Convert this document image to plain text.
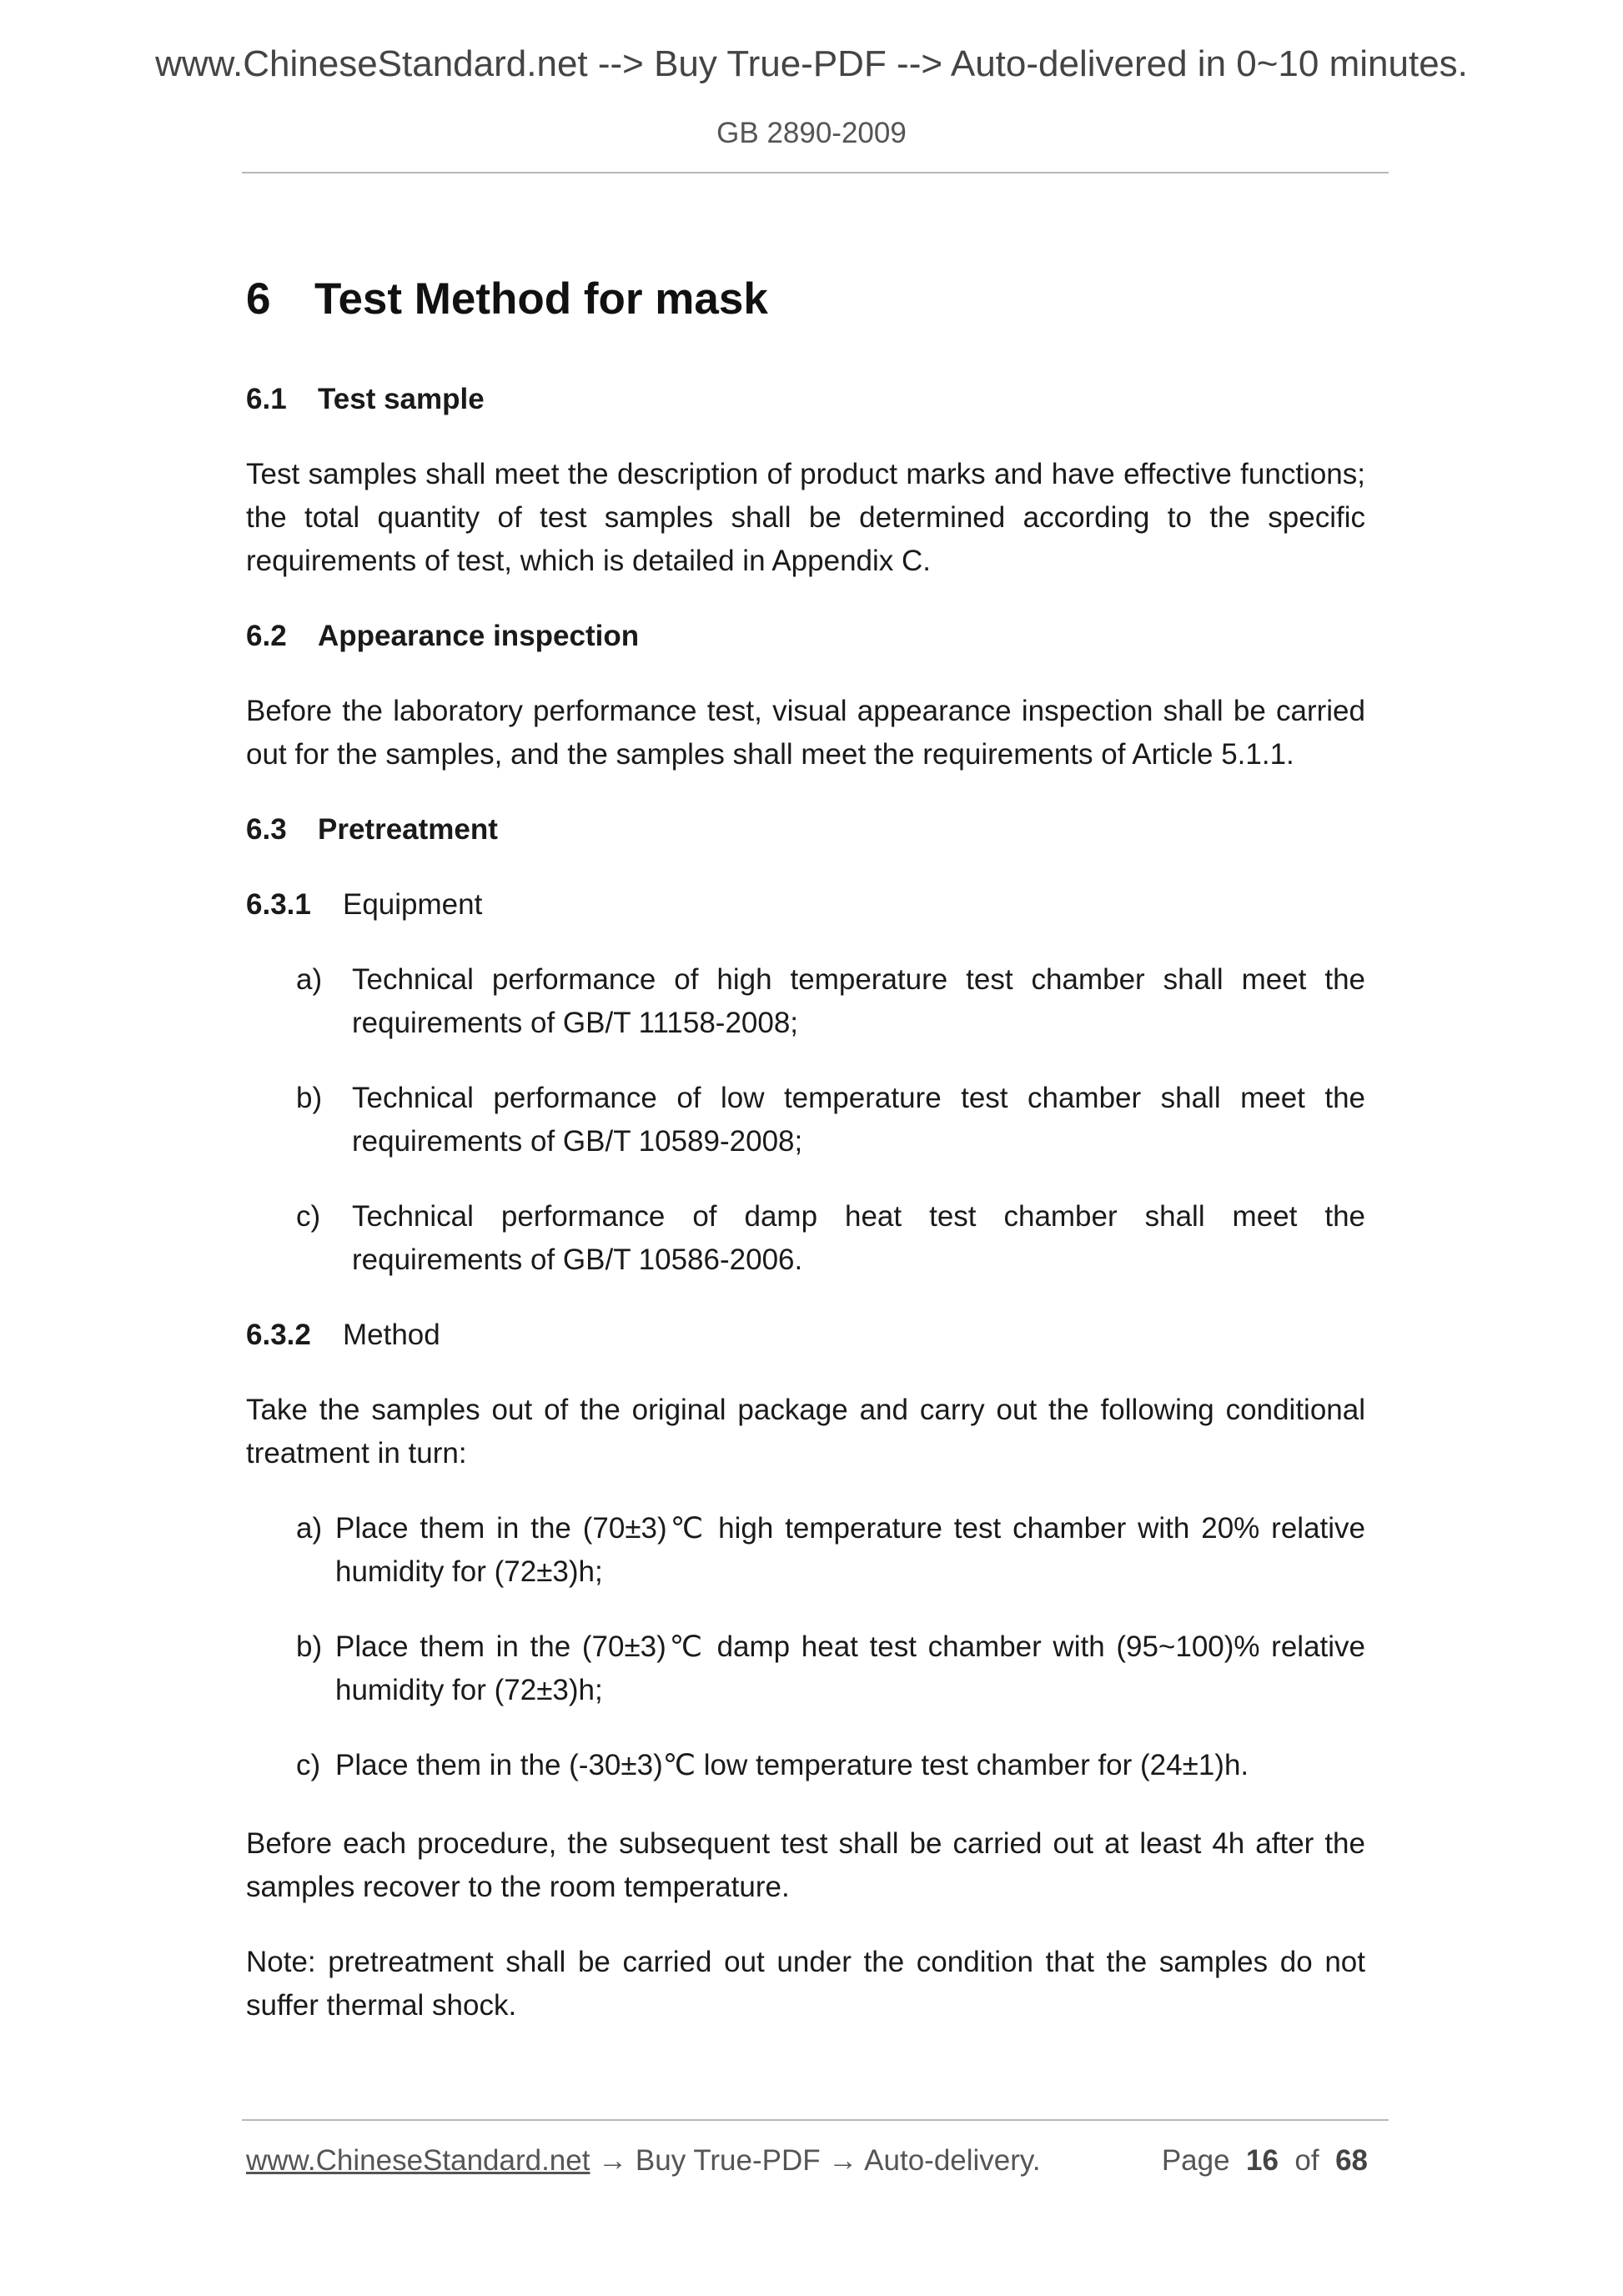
www.ChineseStandard.net --> Buy True-PDF --> Auto-delivered in 0~10 minutes.
GB 2890-2009
6 Test Method for mask
6.1 Test sample

Test samples shall meet the description of product marks and have effective functions; the total quantity of test samples shall be determined according to the specific requirements of test, which is detailed in Appendix C.

6.2 Appearance inspection

Before the laboratory performance test, visual appearance inspection shall be carried out for the samples, and the samples shall meet the requirements of Article 5.1.1.

6.3 Pretreatment
6.3.1 Equipment

a) Technical performance of high temperature test chamber shall meet the requirements of GB/T 11158-2008;

b) Technical performance of low temperature test chamber shall meet the requirements of GB/T 10589-2008;

c) Technical performance of damp heat test chamber shall meet the requirements of GB/T 10586-2006.

6.3.2 Method

Take the samples out of the original package and carry out the following conditional treatment in turn:

a) Place them in the (70±3)℃ high temperature test chamber with 20% relative humidity for (72±3)h;

b) Place them in the (70±3)℃ damp heat test chamber with (95~100)% relative humidity for (72±3)h;

c) Place them in the (-30±3)℃ low temperature test chamber for (24±1)h.

Before each procedure, the subsequent test shall be carried out at least 4h after the samples recover to the room temperature.

Note: pretreatment shall be carried out under the condition that the samples do not suffer thermal shock.

www.ChineseStandard.net → Buy True-PDF → Auto-delivery.	Page 16 of 68
